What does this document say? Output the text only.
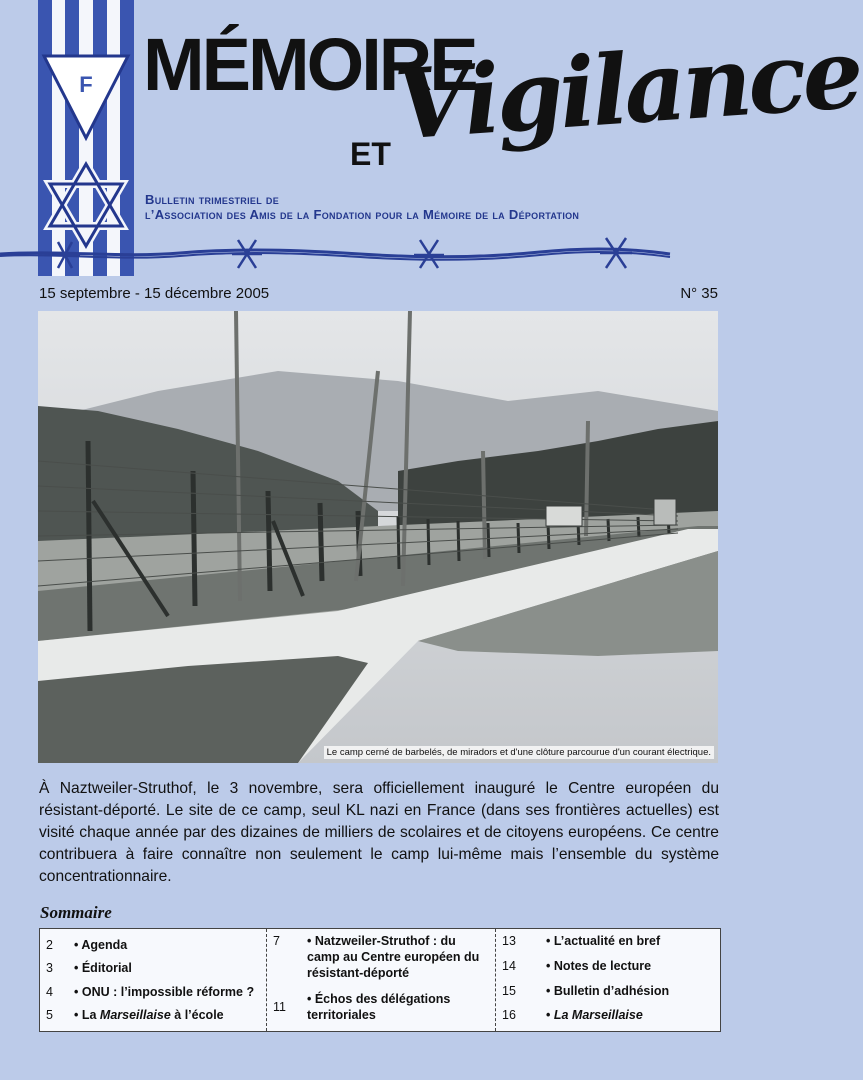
F MÉMOIRE
Vigilance
ET
Bulletin trimestriel de
l’Association des Amis de la Fondation pour la Mémoire de la Déportation
15 septembre - 15 décembre 2005	N° 35
Le camp cerné de barbelés, de miradors et d'une clôture parcourue d'un courant électrique.
À Naztweiler-Struthof, le 3 novembre, sera officiellement inauguré le Centre européen du résistant-déporté. Le site de ce camp, seul KL nazi en France (dans ses frontières actuelles) est visité chaque année par des dizaines de milliers de scolaires et de citoyens européens. Ce centre contribuera à faire connaître non seulement le camp lui-même mais l’ensemble du système concentrationnaire.
Sommaire
2 • Agenda
3 • Éditorial
4 • ONU : l’impossible réforme ?
5 • La Marseillaise à l’école
7 • Natzweiler-Struthof : du camp au Centre européen du résistant-déporté
11
• Échos des délégations territoriales
13 • L’actualité en bref
14 • Notes de lecture
15 • Bulletin d’adhésion
16 • La Marseillaise
